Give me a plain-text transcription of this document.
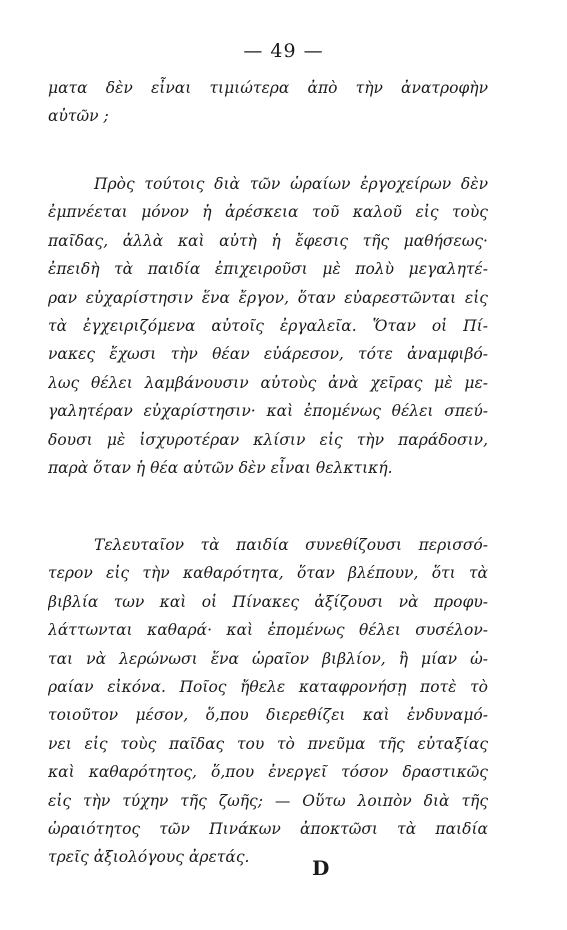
— 49 —
ματα δὲν εἶναι τιμιώτερα ἀπὸ τὴν ἀνατροφὴν
αὐτῶν ;
Πρὸς τούτοις διὰ τῶν ὡραίων ἐργοχείρων δὲν
ἐμπνέεται μόνον ἡ ἀρέσκεια τοῦ καλοῦ εἰς τοὺς
παῖδας, ἀλλὰ καὶ αὐτὴ ἡ ἔφεσις τῆς μαθήσεως·
ἐπειδὴ τὰ παιδία ἐπιχειροῦσι μὲ πολὺ μεγαλητέ-
ραν εὐχαρίστησιν ἕνα ἔργον, ὅταν εὐαρεστῶνται εἰς
τὰ ἐγχειριζόμενα αὐτοῖς ἐργαλεῖα. Ὅταν οἱ Πί-
νακες ἔχωσι τὴν θέαν εὐάρεσον, τότε ἀναμφιβό-
λως θέλει λαμβάνουσιν αὐτοὺς ἀνὰ χεῖρας μὲ με-
γαλητέραν εὐχαρίστησιν· καὶ ἐπομένως θέλει σπεύ-
δουσι μὲ ἰσχυροτέραν κλίσιν εἰς τὴν παράδοσιν,
παρὰ ὅταν ἡ θέα αὐτῶν δὲν εἶναι θελκτική.
Τελευταῖον τὰ παιδία συνεθίζουσι περισσό-
τερον εἰς τὴν καθαρότητα, ὅταν βλέπουν, ὅτι τὰ
βιβλία των καὶ οἱ Πίνακες ἀξίζουσι νὰ προφυ-
λάττωνται καθαρά· καὶ ἐπομένως θέλει συσέλον-
ται νὰ λερώνωσι ἕνα ὡραῖον βιβλίον, ἢ μίαν ὡ-
ραίαν εἰκόνα. Ποῖος ἤθελε καταφρονήσῃ ποτὲ τὸ
τοιοῦτον μέσον, ὅ,που διερεθίζει καὶ ἐνδυναμό-
νει εἰς τοὺς παῖδας του τὸ πνεῦμα τῆς εὐταξίας
καὶ καθαρότητος, ὅ,που ἐνεργεῖ τόσον δραστικῶς
εἰς τὴν τύχην τῆς ζωῆς; — Οὕτω λοιπὸν διὰ τῆς
ὡραιότητος τῶν Πινάκων ἀποκτῶσι τὰ παιδία
τρεῖς ἀξιολόγους ἀρετάς.	D
